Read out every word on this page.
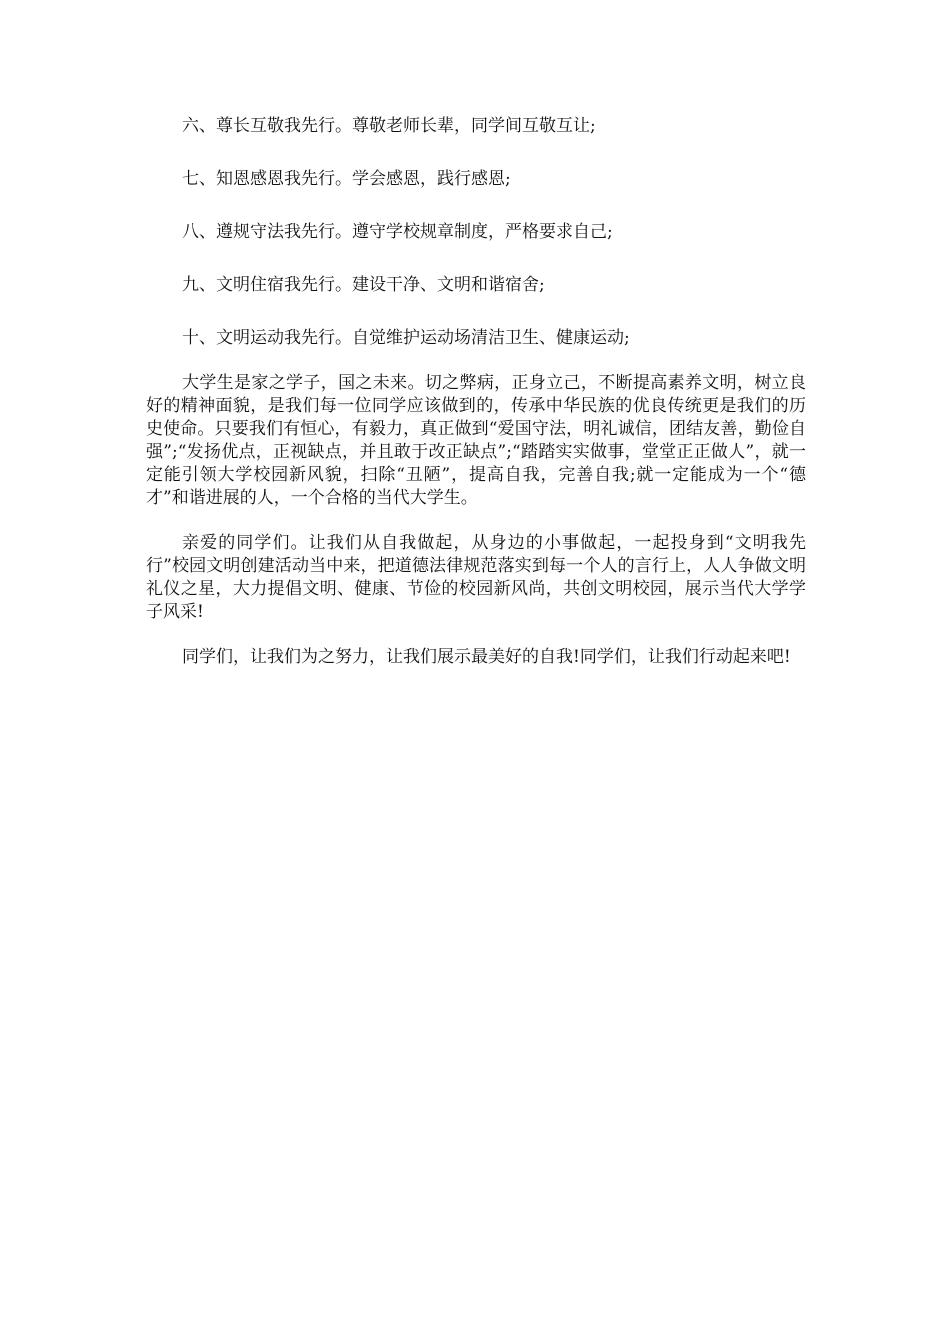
六、尊长互敬我先行。尊敬老师长辈，同学间互敬互让;

七、知恩感恩我先行。学会感恩，践行感恩;

八、遵规守法我先行。遵守学校规章制度，严格要求自己;

九、文明住宿我先行。建设干净、文明和谐宿舍;

十、文明运动我先行。自觉维护运动场清洁卫生、健康运动;

大学生是家之学子，国之未来。切之弊病，正身立己，不断提高素养文明，树立良好的精神面貌，是我们每一位同学应该做到的，传承中华民族的优良传统更是我们的历史使命。只要我们有恒心，有毅力，真正做到“爱国守法，明礼诚信，团结友善，勤俭自强”;“发扬优点，正视缺点，并且敢于改正缺点”;“踏踏实实做事，堂堂正正做人”，就一定能引领大学校园新风貌，扫除“丑陋”，提高自我，完善自我;就一定能成为一个“德才”和谐进展的人，一个合格的当代大学生。

亲爱的同学们。让我们从自我做起，从身边的小事做起，一起投身到“文明我先行”校园文明创建活动当中来，把道德法律规范落实到每一个人的言行上，人人争做文明礼仪之星，大力提倡文明、健康、节俭的校园新风尚，共创文明校园，展示当代大学学子风采!

同学们，让我们为之努力，让我们展示最美好的自我!同学们，让我们行动起来吧!
